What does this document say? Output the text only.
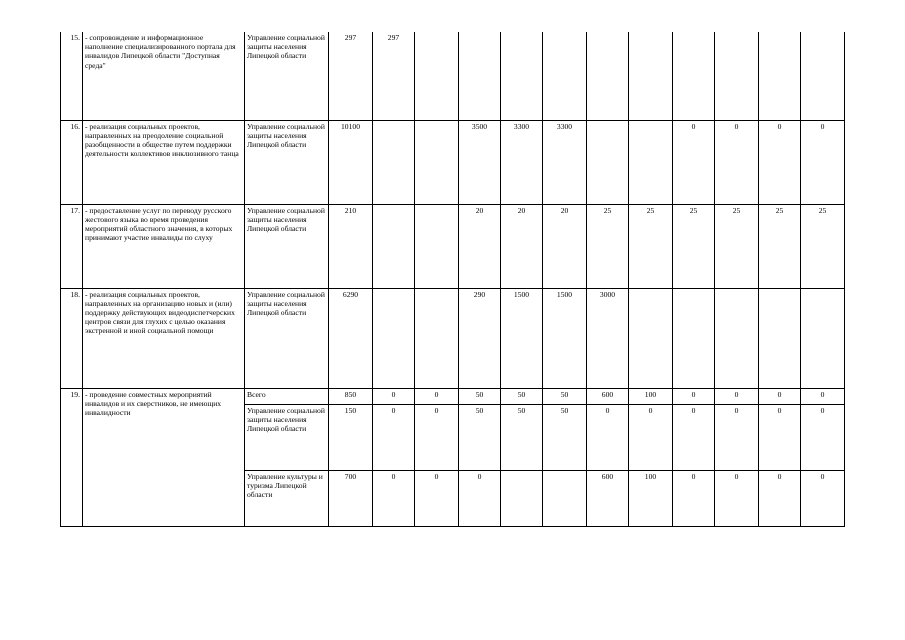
15.	- сопровождение и информационное наполнение специализированного портала для инвалидов Липецкой области "Доступная среда"	Управление социальной защиты населения Липецкой области	297	297										
16.	- реализация социальных проектов, направленных на преодоление социальной разобщенности в обществе путем поддержки деятельности коллективов инклюзивного танца	Управление социальной защиты населения Липецкой области	10100			3500	3300	3300			0	0	0	0
17.	- предоставление услуг по переводу русского жестового языка во время проведения мероприятий областного значения, в которых принимают участие инвалиды по слуху	Управление социальной защиты населения Липецкой области	210			20	20	20	25	25	25	25	25	25
18.	- реализация социальных проектов, направленных на организацию новых и (или) поддержку действующих видеодиспетчерских центров связи для глухих с целью оказания экстренной и иной социальной помощи	Управление социальной защиты населения Липецкой области	6290			290	1500	1500	3000					
19.	- проведение совместных мероприятий инвалидов и их сверстников, не имеющих инвалидности	Всего	850	0	0	50	50	50	600	100	0	0	0	0
		Управление социальной защиты населения Липецкой области	150	0	0	50	50	50	0	0	0	0	0	0
		Управление культуры и туризма Липецкой области	700	0	0	0			600	100	0	0	0	0
